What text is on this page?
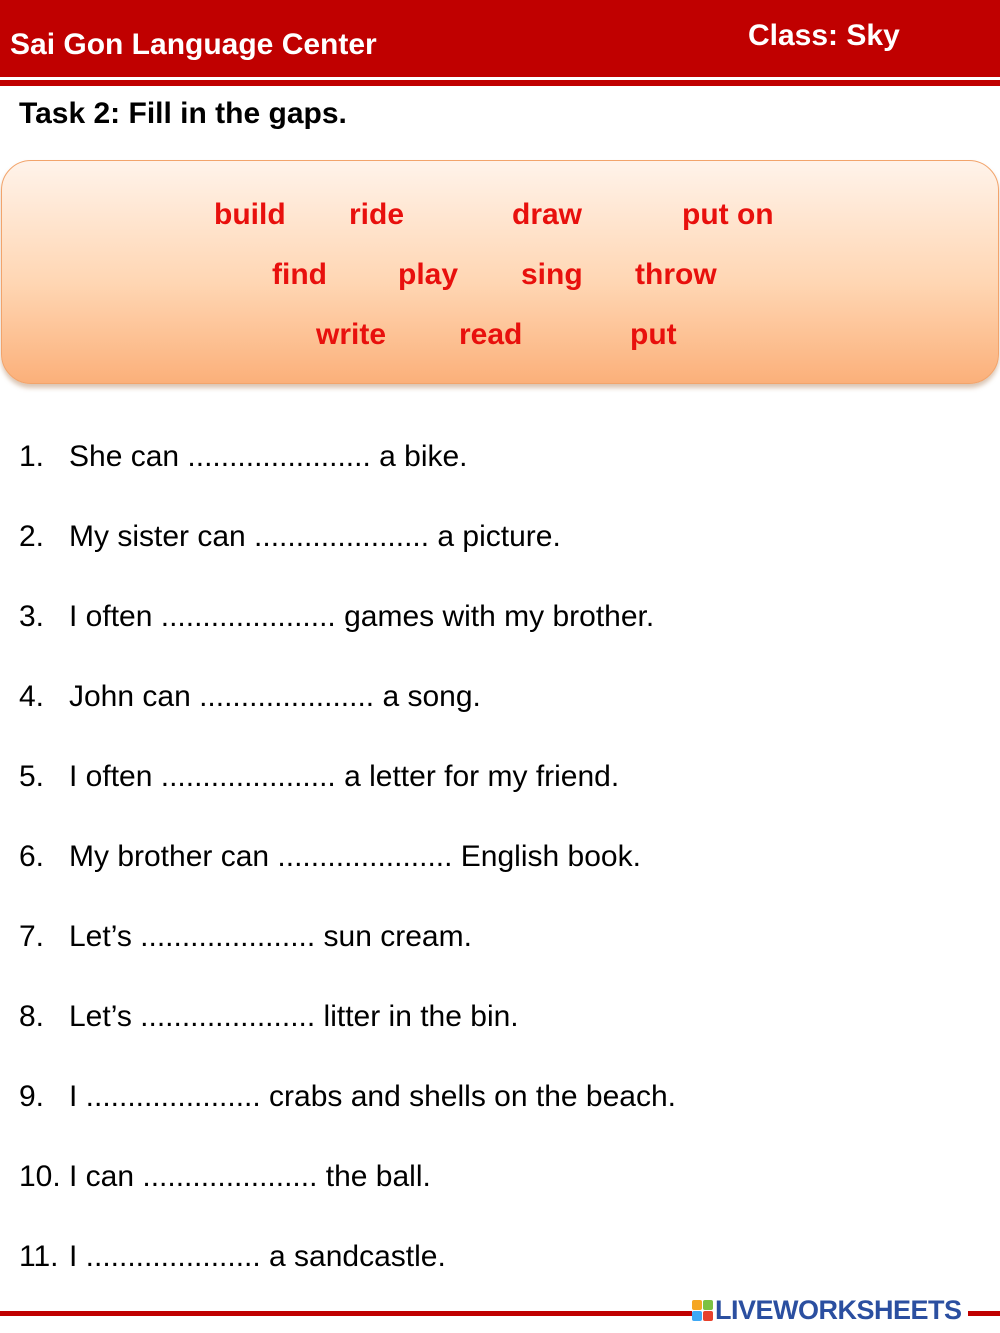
Sai Gon Language Center	Class: Sky
Task 2: Fill in the gaps.
build ride	draw	put on
find play sing throw
write read	put
1. She can ...................... a bike.
2. My sister can ..................... a picture.
3. I often ..................... games with my brother.
4. John can ..................... a song.
5. I often ..................... a letter for my friend.
6. My brother can ..................... English book.
7. Let’s ..................... sun cream.
8. Let’s ..................... litter in the bin.
9. I ..................... crabs and shells on the beach.
10. I can ..................... the ball.
11. I ..................... a sandcastle.
LIVEWORKSHEETS
